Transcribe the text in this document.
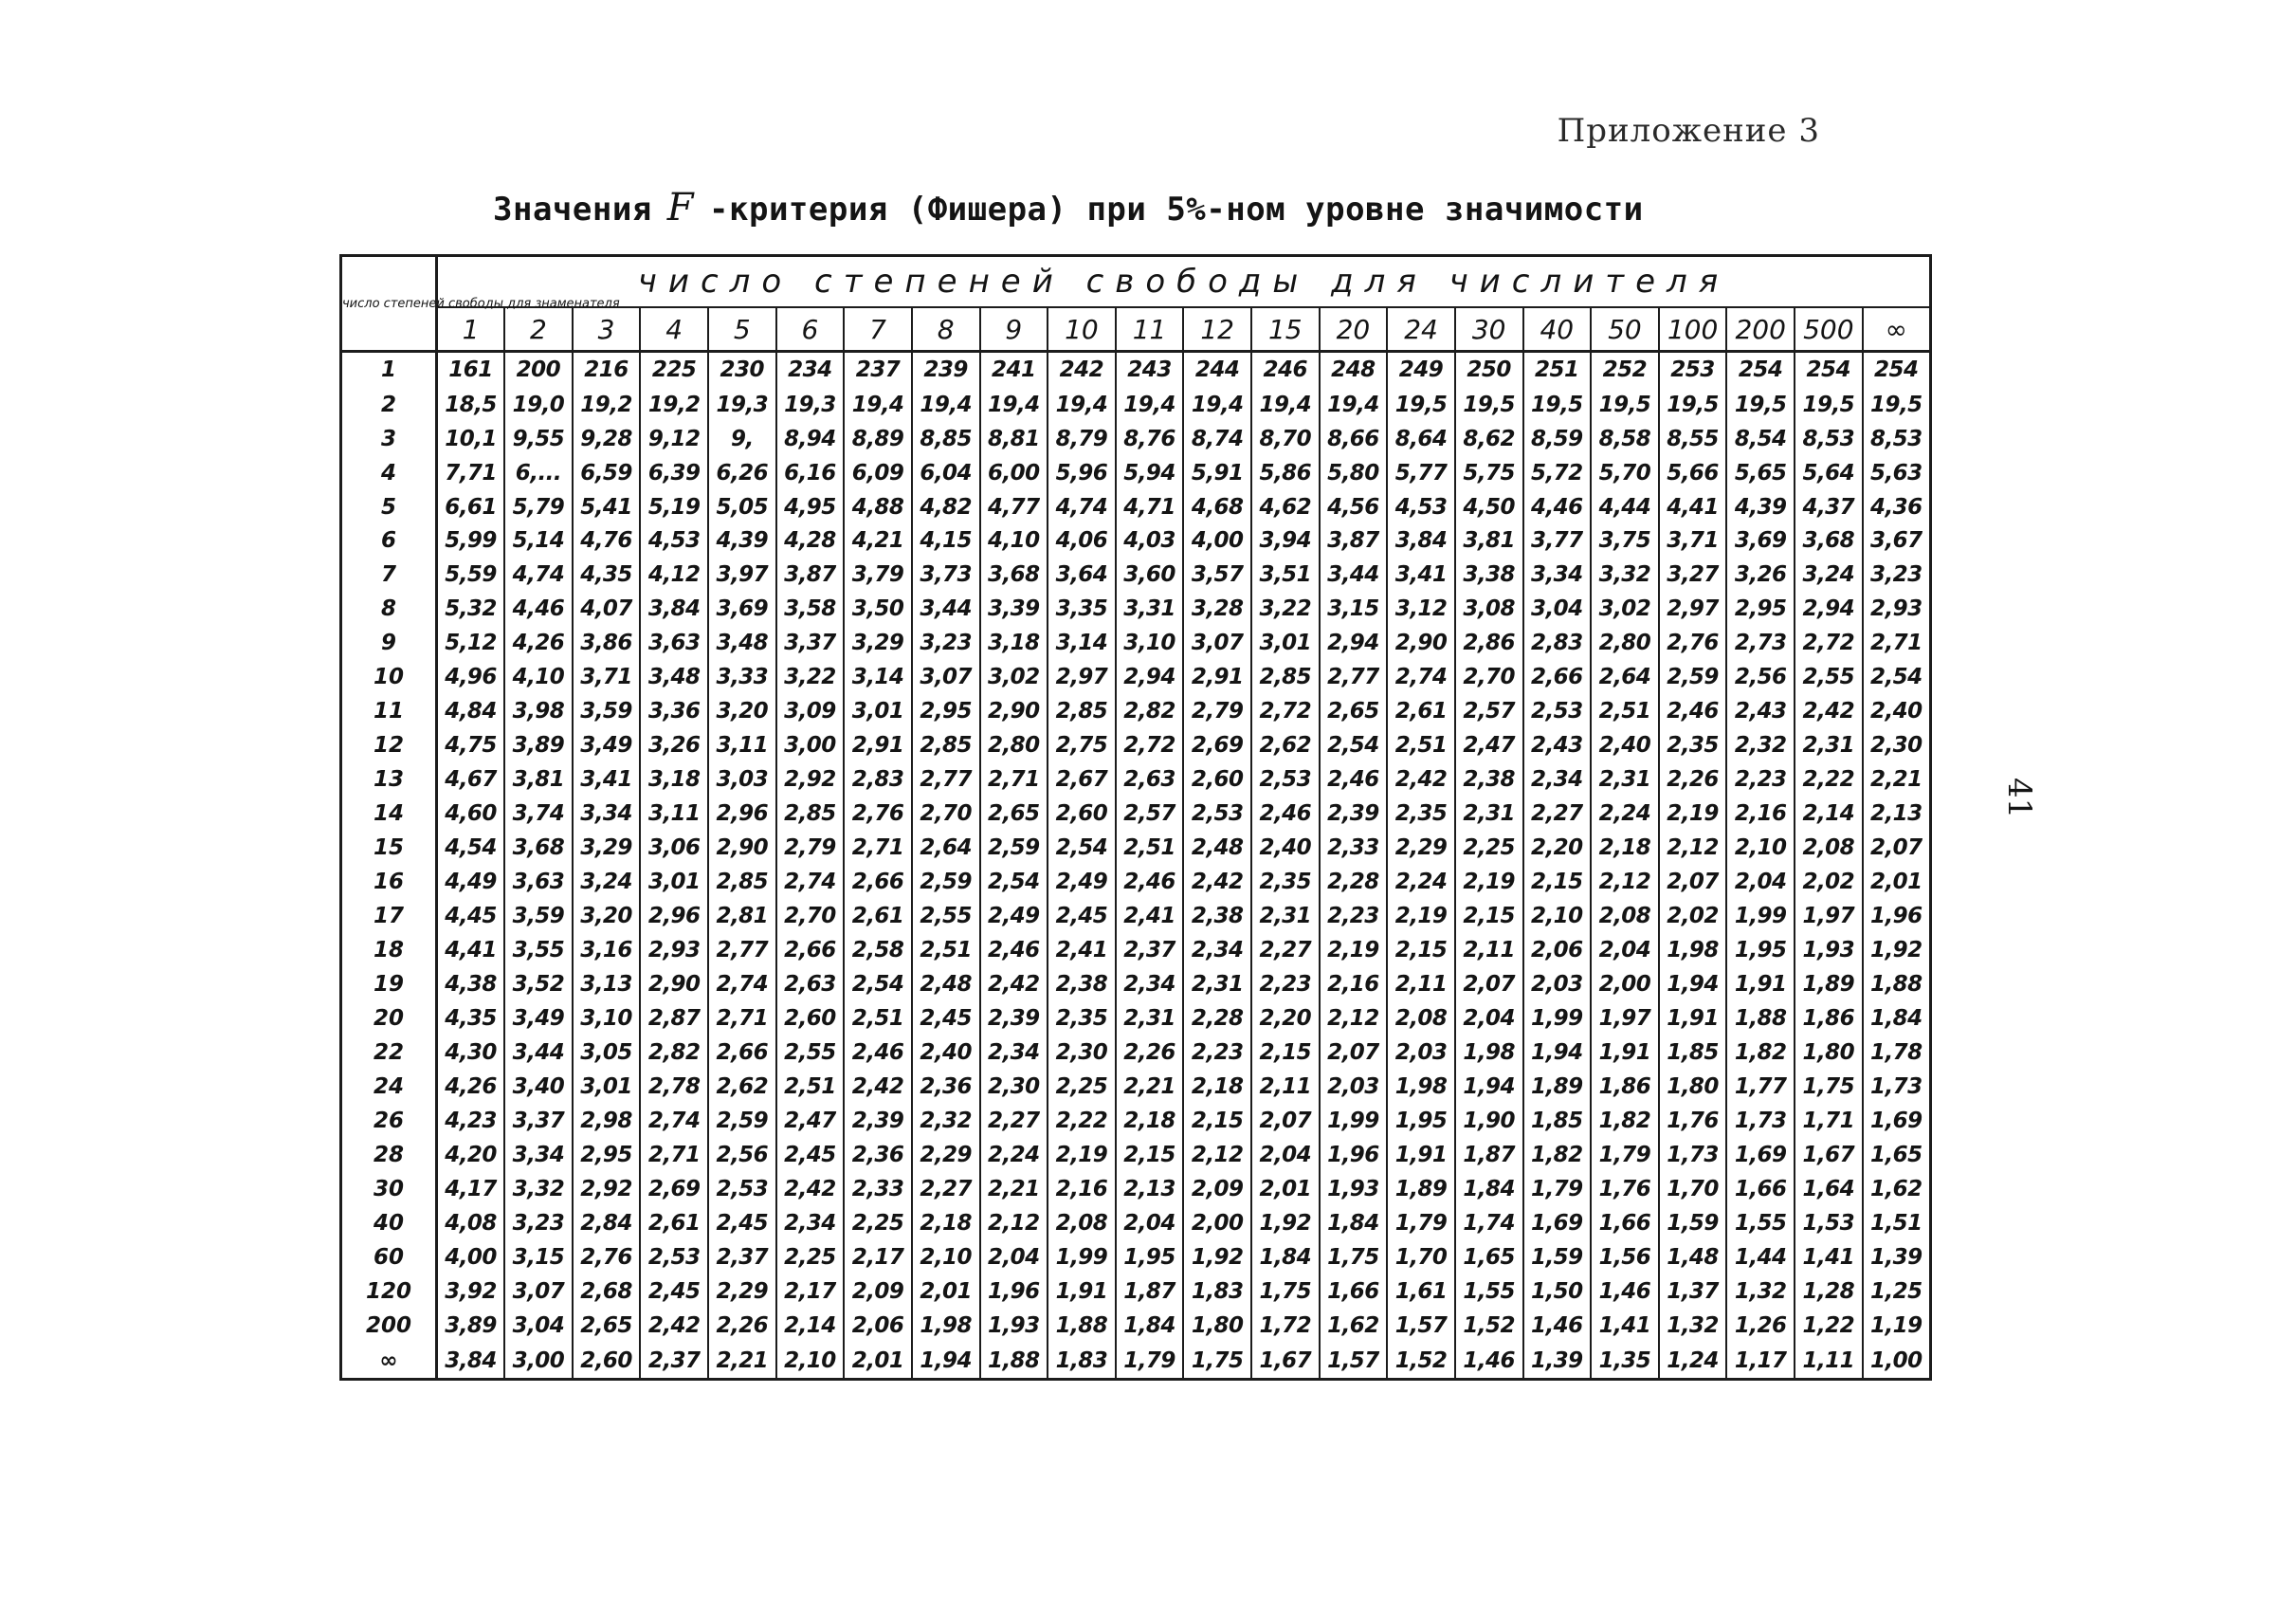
Приложение 3
Значения F -критерия (Фишера) при 5%-ном уровне значимости
41
число степеней свободы для знаменателя	число степеней свободы для числителя																					
	1	2	3	4	5	6	7	8	9	10	11	12	15	20	24	30	40	50	100	200	500	∞
1	161	200	216	225	230	234	237	239	241	242	243	244	246	248	249	250	251	252	253	254	254	254
2	18,5	19,0	19,2	19,2	19,3	19,3	19,4	19,4	19,4	19,4	19,4	19,4	19,4	19,4	19,5	19,5	19,5	19,5	19,5	19,5	19,5	19,5
3	10,1	9,55	9,28	9,12	9,	8,94	8,89	8,85	8,81	8,79	8,76	8,74	8,70	8,66	8,64	8,62	8,59	8,58	8,55	8,54	8,53	8,53
4	7,71	6,...	6,59	6,39	6,26	6,16	6,09	6,04	6,00	5,96	5,94	5,91	5,86	5,80	5,77	5,75	5,72	5,70	5,66	5,65	5,64	5,63
5	6,61	5,79	5,41	5,19	5,05	4,95	4,88	4,82	4,77	4,74	4,71	4,68	4,62	4,56	4,53	4,50	4,46	4,44	4,41	4,39	4,37	4,36
6	5,99	5,14	4,76	4,53	4,39	4,28	4,21	4,15	4,10	4,06	4,03	4,00	3,94	3,87	3,84	3,81	3,77	3,75	3,71	3,69	3,68	3,67
7	5,59	4,74	4,35	4,12	3,97	3,87	3,79	3,73	3,68	3,64	3,60	3,57	3,51	3,44	3,41	3,38	3,34	3,32	3,27	3,26	3,24	3,23
8	5,32	4,46	4,07	3,84	3,69	3,58	3,50	3,44	3,39	3,35	3,31	3,28	3,22	3,15	3,12	3,08	3,04	3,02	2,97	2,95	2,94	2,93
9	5,12	4,26	3,86	3,63	3,48	3,37	3,29	3,23	3,18	3,14	3,10	3,07	3,01	2,94	2,90	2,86	2,83	2,80	2,76	2,73	2,72	2,71
10	4,96	4,10	3,71	3,48	3,33	3,22	3,14	3,07	3,02	2,97	2,94	2,91	2,85	2,77	2,74	2,70	2,66	2,64	2,59	2,56	2,55	2,54
11	4,84	3,98	3,59	3,36	3,20	3,09	3,01	2,95	2,90	2,85	2,82	2,79	2,72	2,65	2,61	2,57	2,53	2,51	2,46	2,43	2,42	2,40
12	4,75	3,89	3,49	3,26	3,11	3,00	2,91	2,85	2,80	2,75	2,72	2,69	2,62	2,54	2,51	2,47	2,43	2,40	2,35	2,32	2,31	2,30
13	4,67	3,81	3,41	3,18	3,03	2,92	2,83	2,77	2,71	2,67	2,63	2,60	2,53	2,46	2,42	2,38	2,34	2,31	2,26	2,23	2,22	2,21
14	4,60	3,74	3,34	3,11	2,96	2,85	2,76	2,70	2,65	2,60	2,57	2,53	2,46	2,39	2,35	2,31	2,27	2,24	2,19	2,16	2,14	2,13
15	4,54	3,68	3,29	3,06	2,90	2,79	2,71	2,64	2,59	2,54	2,51	2,48	2,40	2,33	2,29	2,25	2,20	2,18	2,12	2,10	2,08	2,07
16	4,49	3,63	3,24	3,01	2,85	2,74	2,66	2,59	2,54	2,49	2,46	2,42	2,35	2,28	2,24	2,19	2,15	2,12	2,07	2,04	2,02	2,01
17	4,45	3,59	3,20	2,96	2,81	2,70	2,61	2,55	2,49	2,45	2,41	2,38	2,31	2,23	2,19	2,15	2,10	2,08	2,02	1,99	1,97	1,96
18	4,41	3,55	3,16	2,93	2,77	2,66	2,58	2,51	2,46	2,41	2,37	2,34	2,27	2,19	2,15	2,11	2,06	2,04	1,98	1,95	1,93	1,92
19	4,38	3,52	3,13	2,90	2,74	2,63	2,54	2,48	2,42	2,38	2,34	2,31	2,23	2,16	2,11	2,07	2,03	2,00	1,94	1,91	1,89	1,88
20	4,35	3,49	3,10	2,87	2,71	2,60	2,51	2,45	2,39	2,35	2,31	2,28	2,20	2,12	2,08	2,04	1,99	1,97	1,91	1,88	1,86	1,84
22	4,30	3,44	3,05	2,82	2,66	2,55	2,46	2,40	2,34	2,30	2,26	2,23	2,15	2,07	2,03	1,98	1,94	1,91	1,85	1,82	1,80	1,78
24	4,26	3,40	3,01	2,78	2,62	2,51	2,42	2,36	2,30	2,25	2,21	2,18	2,11	2,03	1,98	1,94	1,89	1,86	1,80	1,77	1,75	1,73
26	4,23	3,37	2,98	2,74	2,59	2,47	2,39	2,32	2,27	2,22	2,18	2,15	2,07	1,99	1,95	1,90	1,85	1,82	1,76	1,73	1,71	1,69
28	4,20	3,34	2,95	2,71	2,56	2,45	2,36	2,29	2,24	2,19	2,15	2,12	2,04	1,96	1,91	1,87	1,82	1,79	1,73	1,69	1,67	1,65
30	4,17	3,32	2,92	2,69	2,53	2,42	2,33	2,27	2,21	2,16	2,13	2,09	2,01	1,93	1,89	1,84	1,79	1,76	1,70	1,66	1,64	1,62
40	4,08	3,23	2,84	2,61	2,45	2,34	2,25	2,18	2,12	2,08	2,04	2,00	1,92	1,84	1,79	1,74	1,69	1,66	1,59	1,55	1,53	1,51
60	4,00	3,15	2,76	2,53	2,37	2,25	2,17	2,10	2,04	1,99	1,95	1,92	1,84	1,75	1,70	1,65	1,59	1,56	1,48	1,44	1,41	1,39
120	3,92	3,07	2,68	2,45	2,29	2,17	2,09	2,01	1,96	1,91	1,87	1,83	1,75	1,66	1,61	1,55	1,50	1,46	1,37	1,32	1,28	1,25
200	3,89	3,04	2,65	2,42	2,26	2,14	2,06	1,98	1,93	1,88	1,84	1,80	1,72	1,62	1,57	1,52	1,46	1,41	1,32	1,26	1,22	1,19
∞	3,84	3,00	2,60	2,37	2,21	2,10	2,01	1,94	1,88	1,83	1,79	1,75	1,67	1,57	1,52	1,46	1,39	1,35	1,24	1,17	1,11	1,00
